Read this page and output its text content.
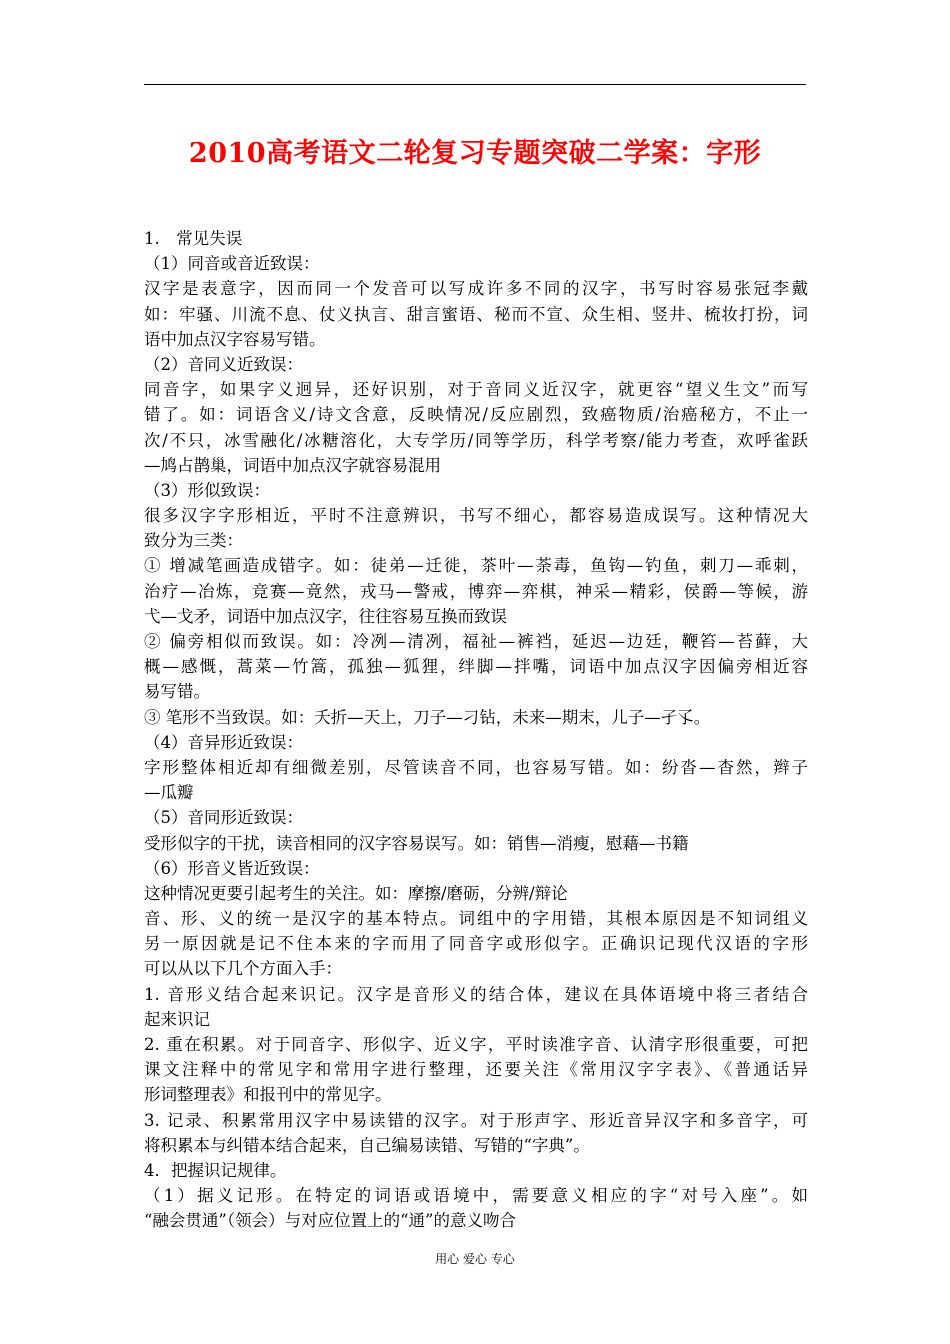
2010高考语文二轮复习专题突破二学案：字形
1.　常见失误
（1）同音或音近致误：
汉字是表意字，因而同一个发音可以写成许多不同的汉字，书写时容易张冠李戴
如：牢骚、川流不息、仗义执言、甜言蜜语、秘而不宣、众生相、竖井、梳妆打扮，词
语中加点汉字容易写错。
（2）音同义近致误：
同音字，如果字义迥异，还好识别，对于音同义近汉字，就更容“望义生文”而写
错了。如：词语含义/诗文含意，反映情况/反应剧烈，致癌物质/治癌秘方，不止一
次/不只，冰雪融化/冰糖溶化，大专学历/同等学历，科学考察/能力考查，欢呼雀跃
—鸠占鹊巢，词语中加点汉字就容易混用
（3）形似致误：
很多汉字字形相近，平时不注意辨识，书写不细心，都容易造成误写。这种情况大
致分为三类：
① 增减笔画造成错字。如：徒弟—迁徙，茶叶—荼毒，鱼钩—钓鱼，刺刀—乖刺，
治疗—冶炼，竞赛—竟然，戎马—警戒，博弈—弈棋，神采—精彩，侯爵—等候，游
弋—戈矛，词语中加点汉字，往往容易互换而致误
② 偏旁相似而致误。如：冷冽—清冽，福祉—裤裆，延迟—边廷，鞭笞—苔藓，大
概—感慨，蒿菜—竹篙，孤独—狐狸，绊脚—拌嘴，词语中加点汉字因偏旁相近容
易写错。
③ 笔形不当致误。如：夭折—天上，刀子—刁钻，未来—期末，儿子—孑孓。
（4）音异形近致误：
字形整体相近却有细微差别，尽管读音不同，也容易写错。如：纷沓—杳然，辫子
—瓜瓣
（5）音同形近致误：
受形似字的干扰，读音相同的汉字容易误写。如：销售—消瘦，慰藉—书籍
（6）形音义皆近致误：
这种情况更要引起考生的关注。如：摩擦/磨砺，分辨/辩论
音、形、义的统一是汉字的基本特点。词组中的字用错，其根本原因是不知词组义
另一原因就是记不住本来的字而用了同音字或形似字。正确识记现代汉语的字形
可以从以下几个方面入手：
1. 音形义结合起来识记。汉字是音形义的结合体，建议在具体语境中将三者结合
起来识记
2. 重在积累。对于同音字、形似字、近义字，平时读准字音、认清字形很重要，可把
课文注释中的常见字和常用字进行整理，还要关注《常用汉字字表》、《普通话异
形词整理表》和报刊中的常见字。
3. 记录、积累常用汉字中易读错的汉字。对于形声字、形近音异汉字和多音字，可
将积累本与纠错本结合起来，自己编易读错、写错的“字典”。
4．把握识记规律。
（1）据义记形。在特定的词语或语境中，需要意义相应的字“对号入座”。如
“融会贯通”（领会）与对应位置上的“通”的意义吻合
用心 爱心 专心
